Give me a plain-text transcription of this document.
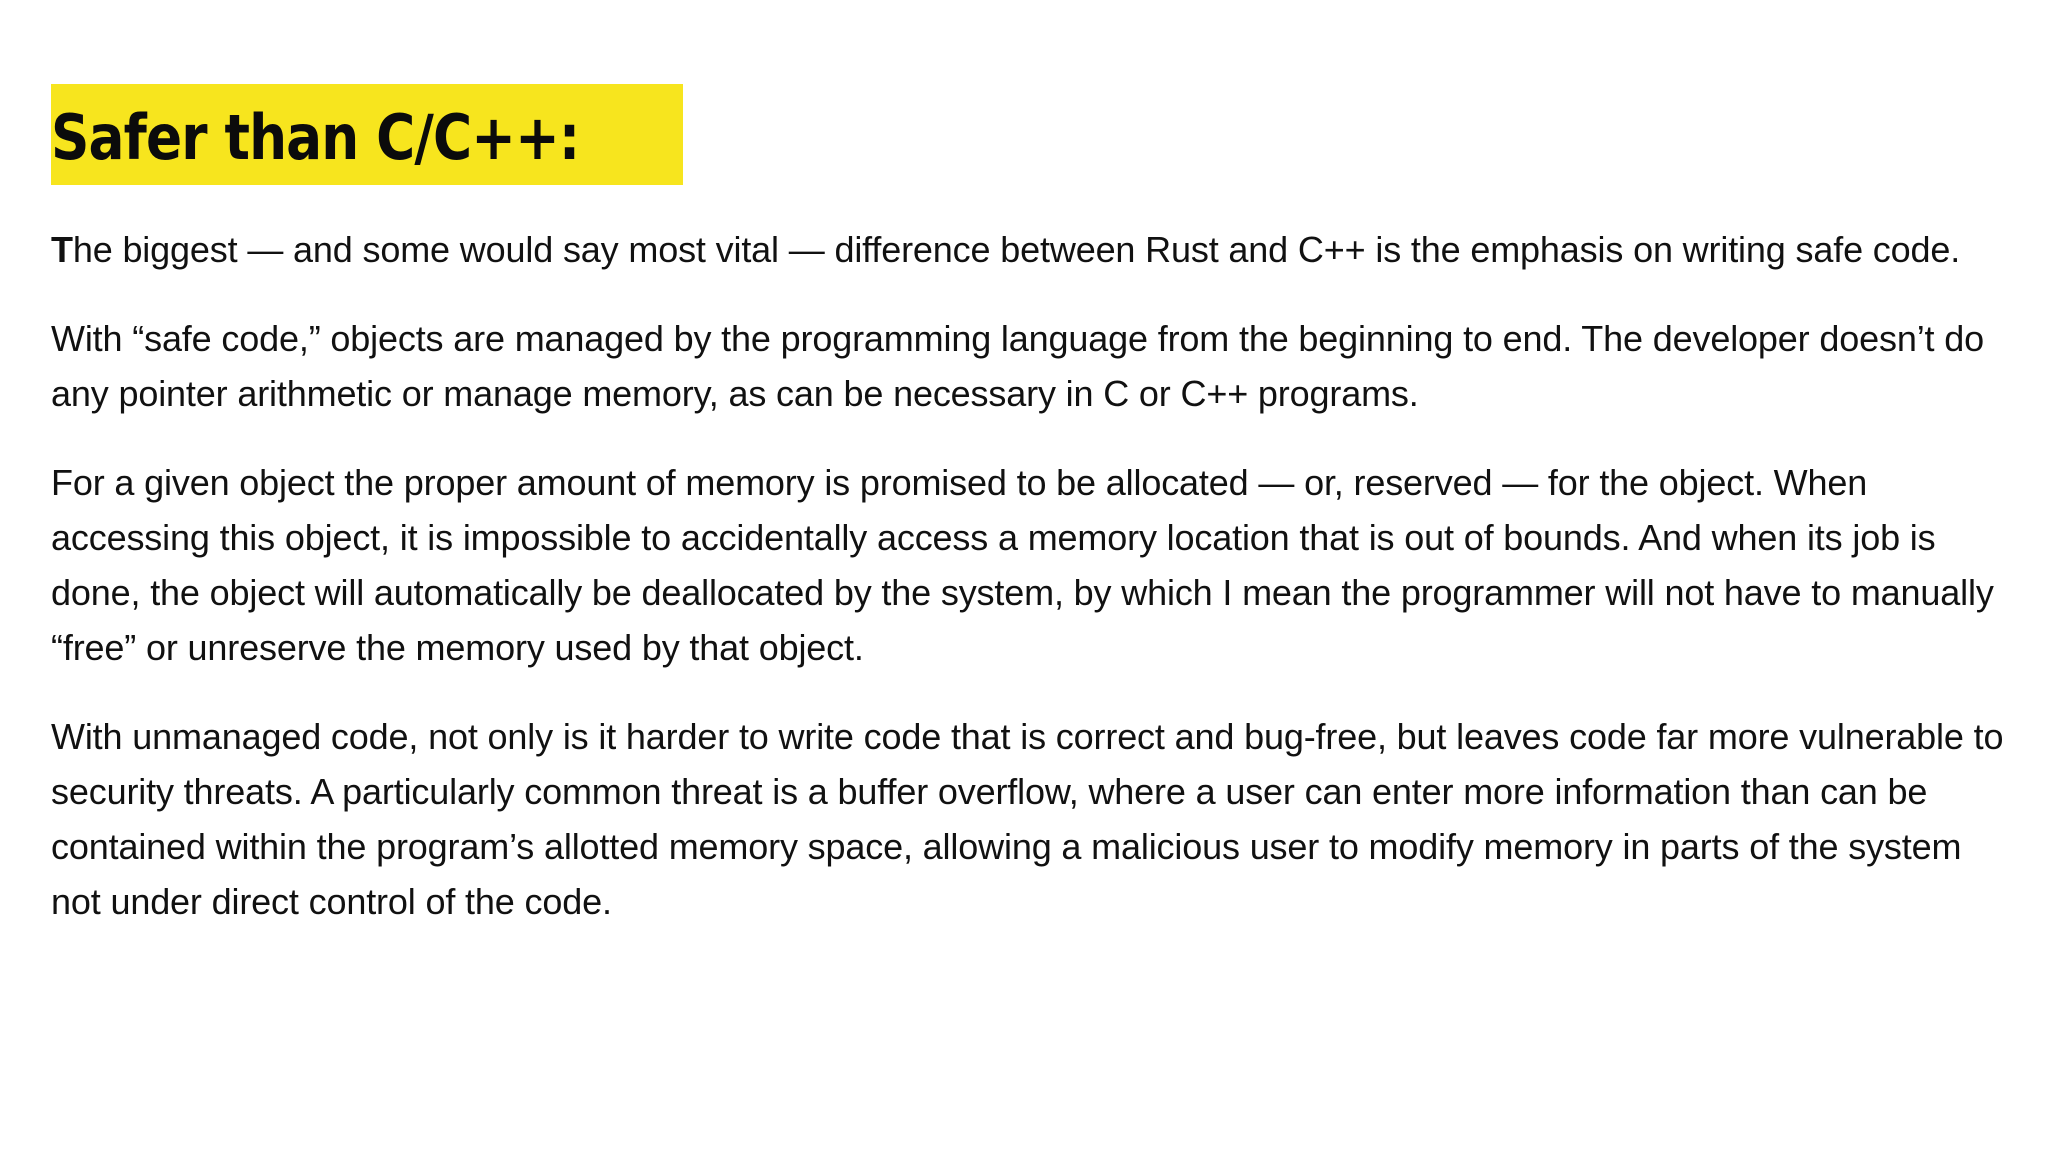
Safer than C/C++:

The biggest — and some would say most vital — difference between Rust and C++ is the emphasis on writing safe code.

With “safe code,” objects are managed by the programming language from the beginning to end. The developer doesn’t do any pointer arithmetic or manage memory, as can be necessary in C or C++ programs.

For a given object the proper amount of memory is promised to be allocated — or, reserved — for the object. When accessing this object, it is impossible to accidentally access a memory location that is out of bounds. And when its job is done, the object will automatically be deallocated by the system, by which I mean the programmer will not have to manually “free” or unreserve the memory used by that object.

With unmanaged code, not only is it harder to write code that is correct and bug-free, but leaves code far more vulnerable to security threats. A particularly common threat is a buffer overflow, where a user can enter more information than can be contained within the program’s allotted memory space, allowing a malicious user to modify memory in parts of the system not under direct control of the code.
